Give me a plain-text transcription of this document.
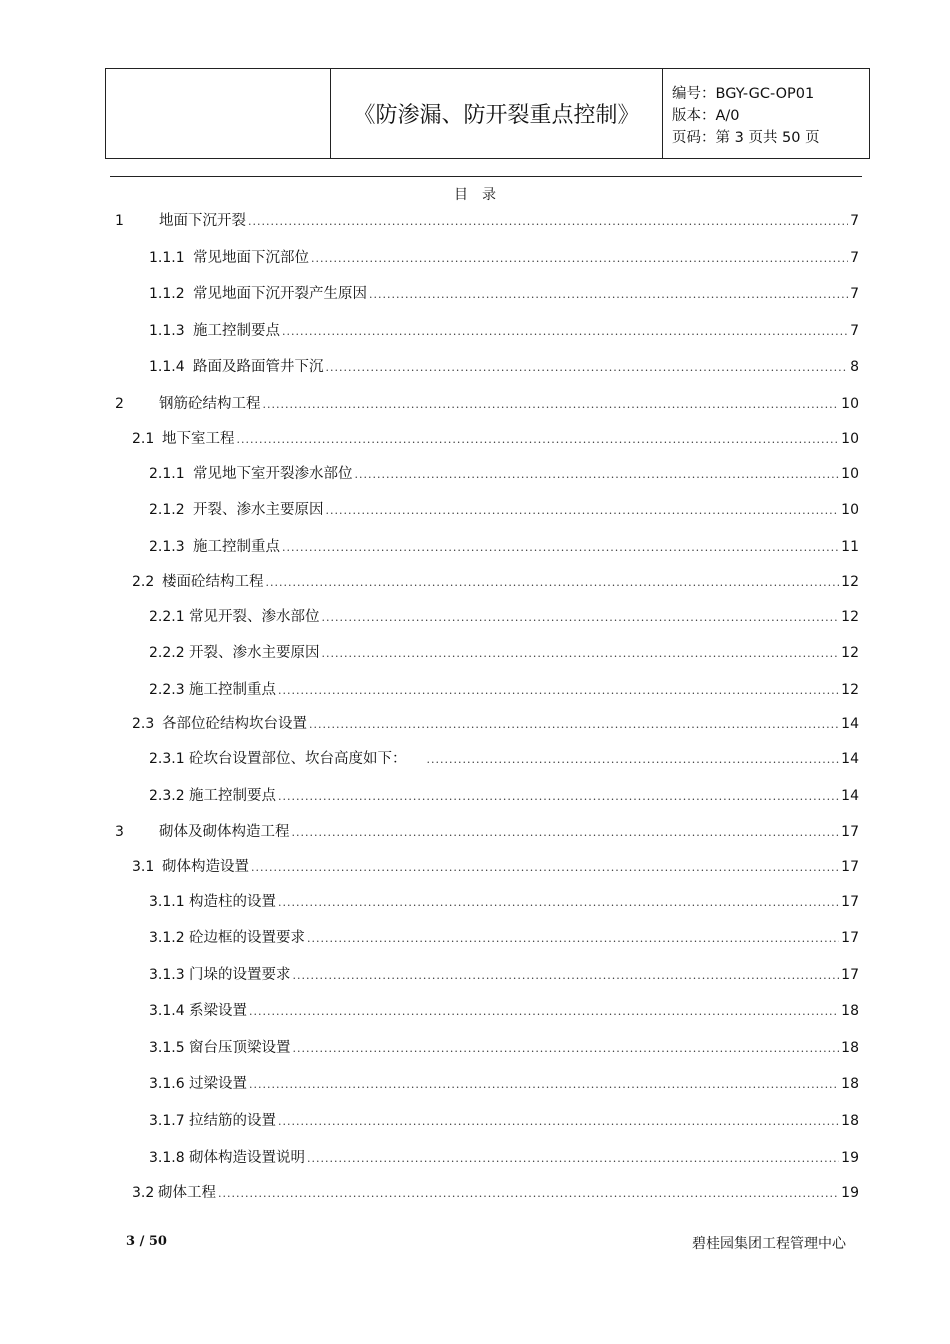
《防渗漏、防开裂重点控制》
编号：BGY-GC-OP01
版本：A/0
页码：第 3 页共 50 页
目　录
1	地面下沉开裂 .....	7
1.1.1 常见地面下沉部位 .....	7
1.1.2 常见地面下沉开裂产生原因 .....	7
1.1.3 施工控制要点 .....	7
1.1.4 路面及路面管井下沉 .....	8
2	钢筋砼结构工程 .....	10
2.1 地下室工程 .....	10
2.1.1 常见地下室开裂渗水部位 .....	10
2.1.2 开裂、渗水主要原因 .....	10
2.1.3 施工控制重点 .....	11
2.2 楼面砼结构工程 .....	12
2.2.1 常见开裂、渗水部位 .....	12
2.2.2 开裂、渗水主要原因 .....	12
2.2.3 施工控制重点 .....	12
2.3 各部位砼结构坎台设置 .....	14
2.3.1 砼坎台设置部位、坎台高度如下： .....	14
2.3.2 施工控制要点 .....	14
3	砌体及砌体构造工程 .....	17
3.1 砌体构造设置 .....	17
3.1.1 构造柱的设置 .....	17
3.1.2 砼边框的设置要求 .....	17
3.1.3 门垛的设置要求 .....	17
3.1.4 系梁设置 .....	18
3.1.5 窗台压顶梁设置 .....	18
3.1.6 过梁设置 .....	18
3.1.7 拉结筋的设置 .....	18
3.1.8 砌体构造设置说明 .....	19
3.2 砌体工程 .....	19
3 / 50	碧桂园集团工程管理中心
